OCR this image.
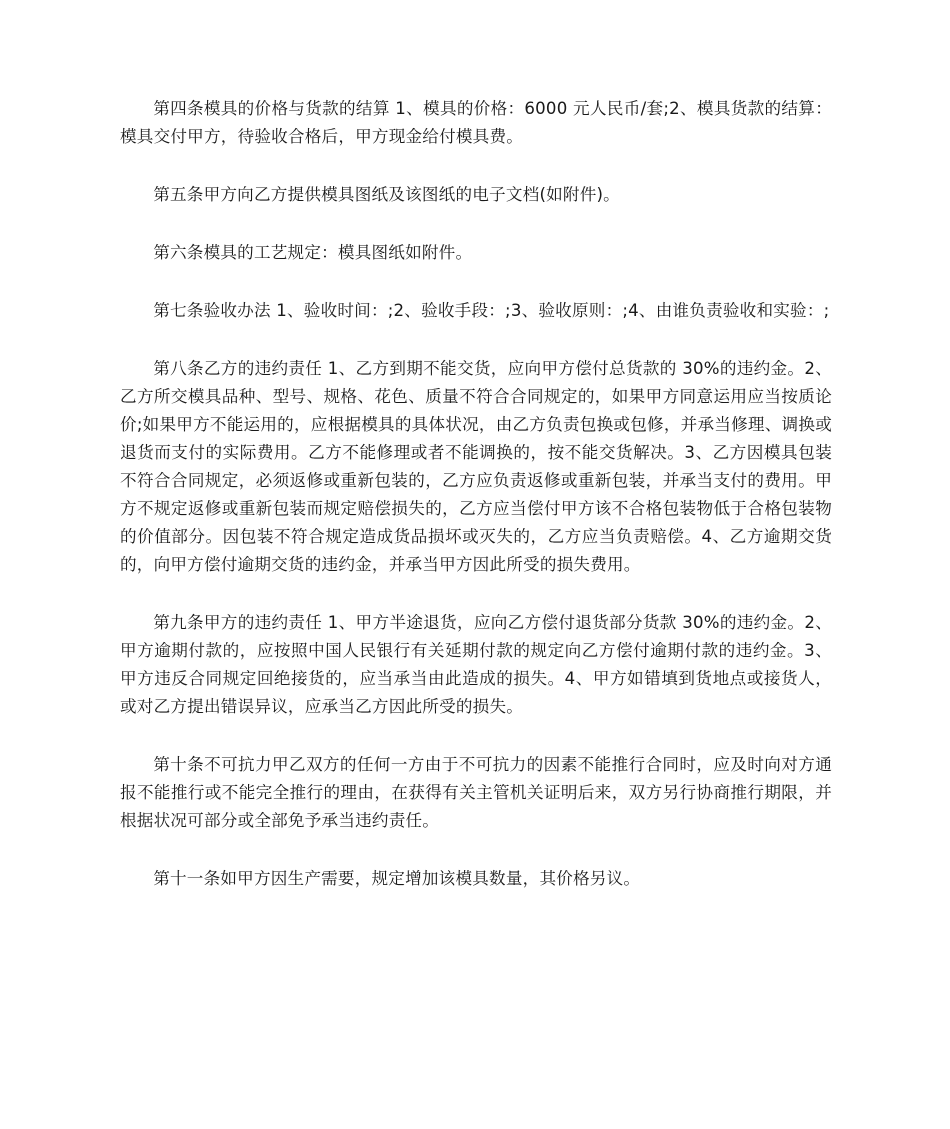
第四条模具的价格与货款的结算 1、模具的价格：6000 元人民币/套;2、模具货款的结算：模具交付甲方，待验收合格后，甲方现金给付模具费。

第五条甲方向乙方提供模具图纸及该图纸的电子文档(如附件)。

第六条模具的工艺规定：模具图纸如附件。

第七条验收办法 1、验收时间：;2、验收手段：;3、验收原则：;4、由谁负责验收和实验：;

第八条乙方的违约责任 1、乙方到期不能交货，应向甲方偿付总货款的 30%的违约金。2、乙方所交模具品种、型号、规格、花色、质量不符合合同规定的，如果甲方同意运用应当按质论价;如果甲方不能运用的，应根据模具的具体状况，由乙方负责包换或包修，并承当修理、调换或退货而支付的实际费用。乙方不能修理或者不能调换的，按不能交货解决。3、乙方因模具包装不符合合同规定，必须返修或重新包装的，乙方应负责返修或重新包装，并承当支付的费用。甲方不规定返修或重新包装而规定赔偿损失的，乙方应当偿付甲方该不合格包装物低于合格包装物的价值部分。因包装不符合规定造成货品损坏或灭失的，乙方应当负责赔偿。4、乙方逾期交货的，向甲方偿付逾期交货的违约金，并承当甲方因此所受的损失费用。

第九条甲方的违约责任 1、甲方半途退货，应向乙方偿付退货部分货款 30%的违约金。2、甲方逾期付款的，应按照中国人民银行有关延期付款的规定向乙方偿付逾期付款的违约金。3、甲方违反合同规定回绝接货的，应当承当由此造成的损失。4、甲方如错填到货地点或接货人，或对乙方提出错误异议，应承当乙方因此所受的损失。

第十条不可抗力甲乙双方的任何一方由于不可抗力的因素不能推行合同时，应及时向对方通报不能推行或不能完全推行的理由，在获得有关主管机关证明后来，双方另行协商推行期限，并根据状况可部分或全部免予承当违约责任。

第十一条如甲方因生产需要，规定增加该模具数量，其价格另议。
